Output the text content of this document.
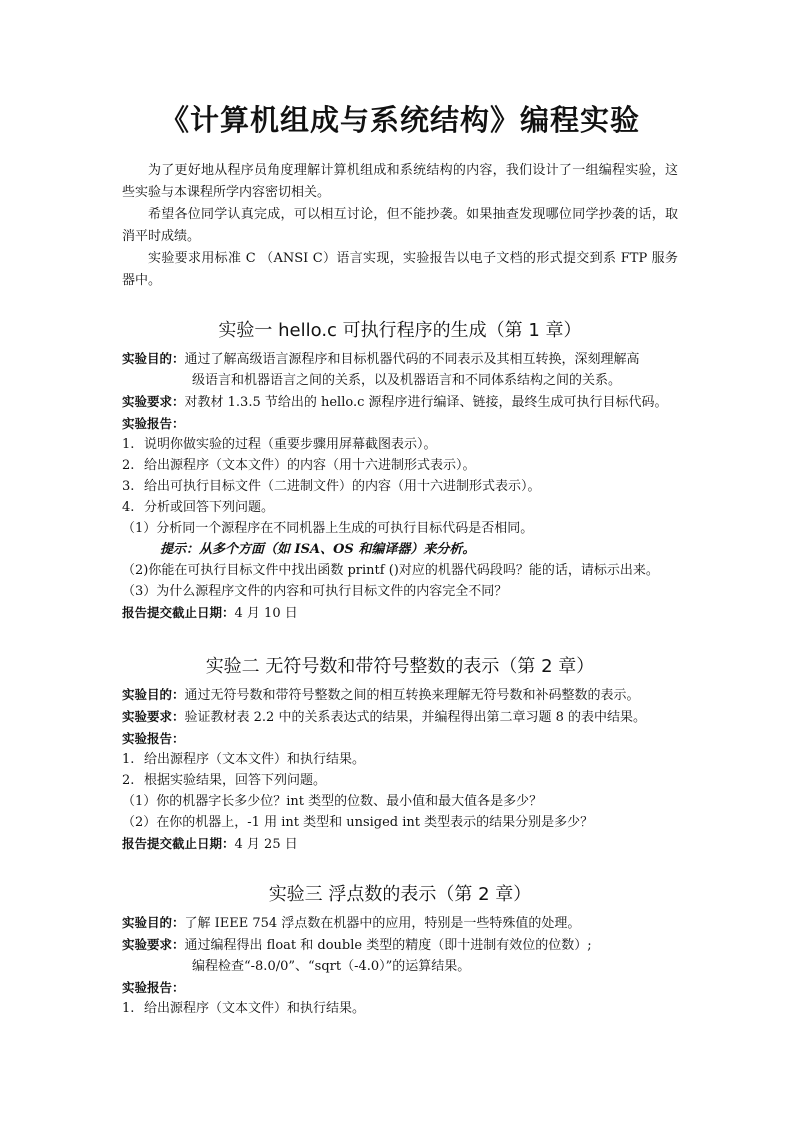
《计算机组成与系统结构》编程实验

为了更好地从程序员角度理解计算机组成和系统结构的内容，我们设计了一组编程实验，这些实验与本课程所学内容密切相关。

希望各位同学认真完成，可以相互讨论，但不能抄袭。如果抽查发现哪位同学抄袭的话，取消平时成绩。

实验要求用标准 C （ANSI C）语言实现，实验报告以电子文档的形式提交到系 FTP 服务器中。

实验一 hello.c 可执行程序的生成（第 1 章）
实验目的：通过了解高级语言源程序和目标机器代码的不同表示及其相互转换，深刻理解高
级语言和机器语言之间的关系，以及机器语言和不同体系结构之间的关系。
实验要求：对教材 1.3.5 节给出的 hello.c 源程序进行编译、链接，最终生成可执行目标代码。
实验报告：
1. 说明你做实验的过程（重要步骤用屏幕截图表示）。
2. 给出源程序（文本文件）的内容（用十六进制形式表示）。
3. 给出可执行目标文件（二进制文件）的内容（用十六进制形式表示）。
4. 分析或回答下列问题。
（1）分析同一个源程序在不同机器上生成的可执行目标代码是否相同。
提示：从多个方面（如 ISA、OS 和编译器）来分析。
（2)你能在可执行目标文件中找出函数 printf ()对应的机器代码段吗？能的话，请标示出来。
（3）为什么源程序文件的内容和可执行目标文件的内容完全不同？
报告提交截止日期：4 月 10 日
实验二 无符号数和带符号整数的表示（第 2 章）
实验目的：通过无符号数和带符号整数之间的相互转换来理解无符号数和补码整数的表示。
实验要求：验证教材表 2.2 中的关系表达式的结果，并编程得出第二章习题 8 的表中结果。
实验报告：
1. 给出源程序（文本文件）和执行结果。
2. 根据实验结果，回答下列问题。
（1）你的机器字长多少位？int 类型的位数、最小值和最大值各是多少？
（2）在你的机器上，-1 用 int 类型和 unsiged int 类型表示的结果分别是多少？
报告提交截止日期：4 月 25 日
实验三 浮点数的表示（第 2 章）
实验目的：了解 IEEE 754 浮点数在机器中的应用，特别是一些特殊值的处理。
实验要求：通过编程得出 float 和 double 类型的精度（即十进制有效位的位数）;
编程检查“-8.0/0”、“sqrt（-4.0）”的运算结果。
实验报告：
1. 给出源程序（文本文件）和执行结果。
